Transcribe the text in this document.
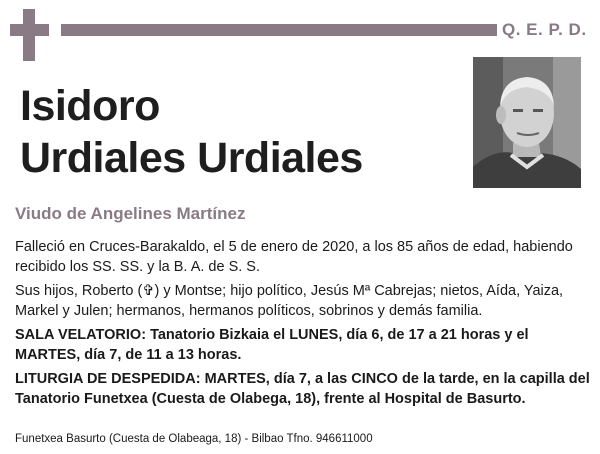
Q. E. P. D.
Isidoro
Urdiales Urdiales
Viudo de Angelines Martínez

Falleció en Cruces-Barakaldo, el 5 de enero de 2020, a los 85 años de edad, habiendo recibido los SS. SS. y la B. A. de S. S.

Sus hijos, Roberto (✞) y Montse; hijo político, Jesús Mª Cabrejas; nietos, Aída, Yaiza, Markel y Julen; hermanos, hermanos políticos, sobrinos y demás familia.

SALA VELATORIO: Tanatorio Bizkaia el LUNES, día 6, de 17 a 21 horas y el MARTES, día 7, de 11 a 13 horas.

LITURGIA DE DESPEDIDA: MARTES, día 7, a las CINCO de la tarde, en la capilla del Tanatorio Funetxea (Cuesta de Olabega, 18), frente al Hospital de Basurto.

Funetxea Basurto (Cuesta de Olabeaga, 18) - Bilbao Tfno. 946611000
